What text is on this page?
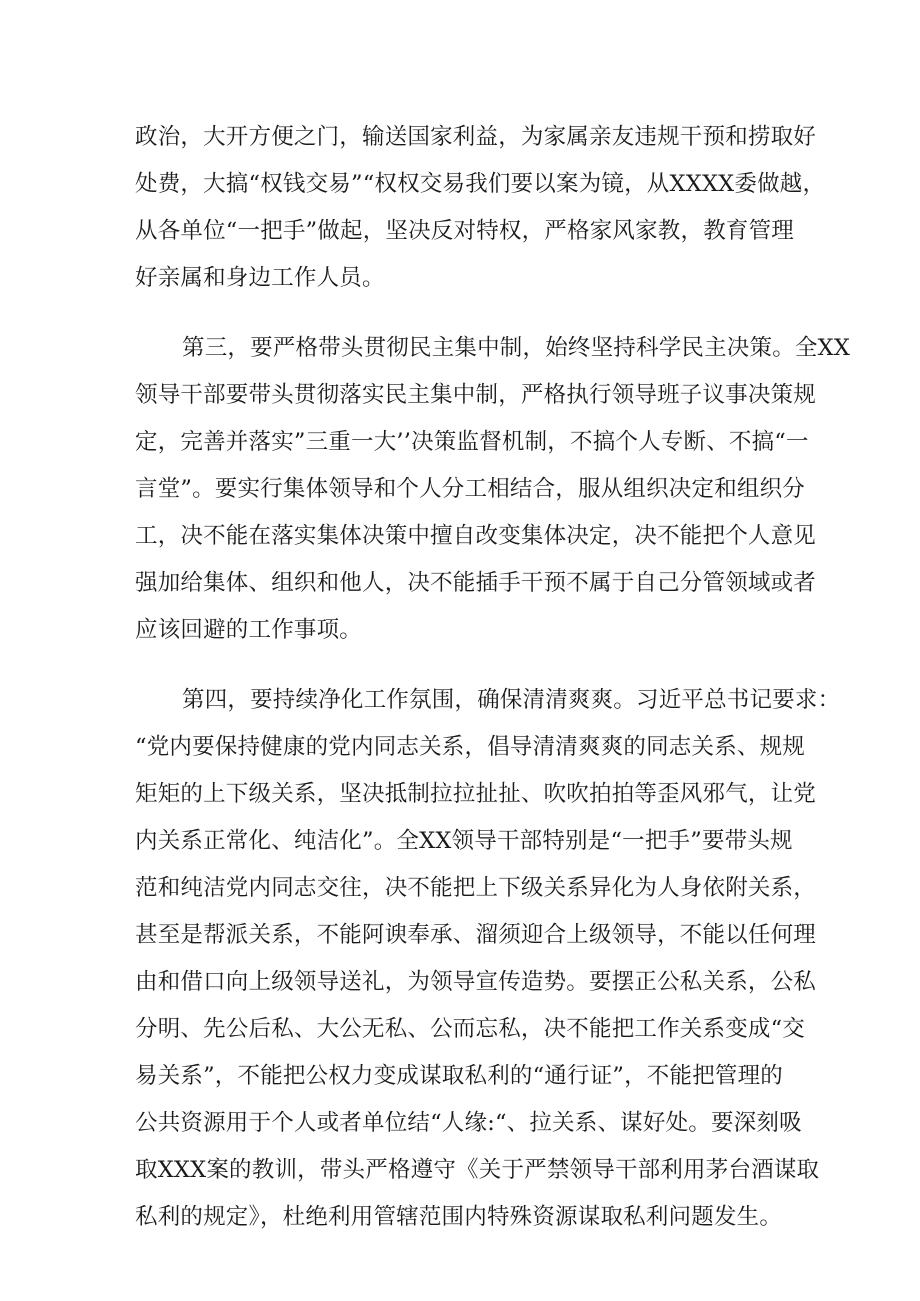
政治，大开方便之门，输送国家利益，为家属亲友违规干预和捞取好
处费，大搞“权钱交易”“权权交易我们要以案为镜，从XXXX委做越，
从各单位“一把手”做起，坚决反对特权，严格家风家教，教育管理
好亲属和身边工作人员。
第三，要严格带头贯彻民主集中制，始终坚持科学民主决策。全XX
领导干部要带头贯彻落实民主集中制，严格执行领导班子议事决策规
定，完善并落实”三重一大’’决策监督机制，不搞个人专断、不搞“一
言堂”。要实行集体领导和个人分工相结合，服从组织决定和组织分
工，决不能在落实集体决策中擅自改变集体决定，决不能把个人意见
强加给集体、组织和他人，决不能插手干预不属于自己分管领域或者
应该回避的工作事项。
第四，要持续净化工作氛围，确保清清爽爽。习近平总书记要求：
“党内要保持健康的党内同志关系，倡导清清爽爽的同志关系、规规
矩矩的上下级关系，坚决抵制拉拉扯扯、吹吹拍拍等歪风邪气，让党
内关系正常化、纯洁化”。全XX领导干部特别是“一把手”要带头规
范和纯洁党内同志交往，决不能把上下级关系异化为人身依附关系，
甚至是帮派关系，不能阿谀奉承、溜须迎合上级领导，不能以任何理
由和借口向上级领导送礼，为领导宣传造势。要摆正公私关系，公私
分明、先公后私、大公无私、公而忘私，决不能把工作关系变成“交
易关系”，不能把公权力变成谋取私利的“通行证”，不能把管理的
公共资源用于个人或者单位结“人缘:“、拉关系、谋好处。要深刻吸
取XXX案的教训，带头严格遵守《关于严禁领导干部利用茅台酒谋取
私利的规定》，杜绝利用管辖范围内特殊资源谋取私利问题发生。
